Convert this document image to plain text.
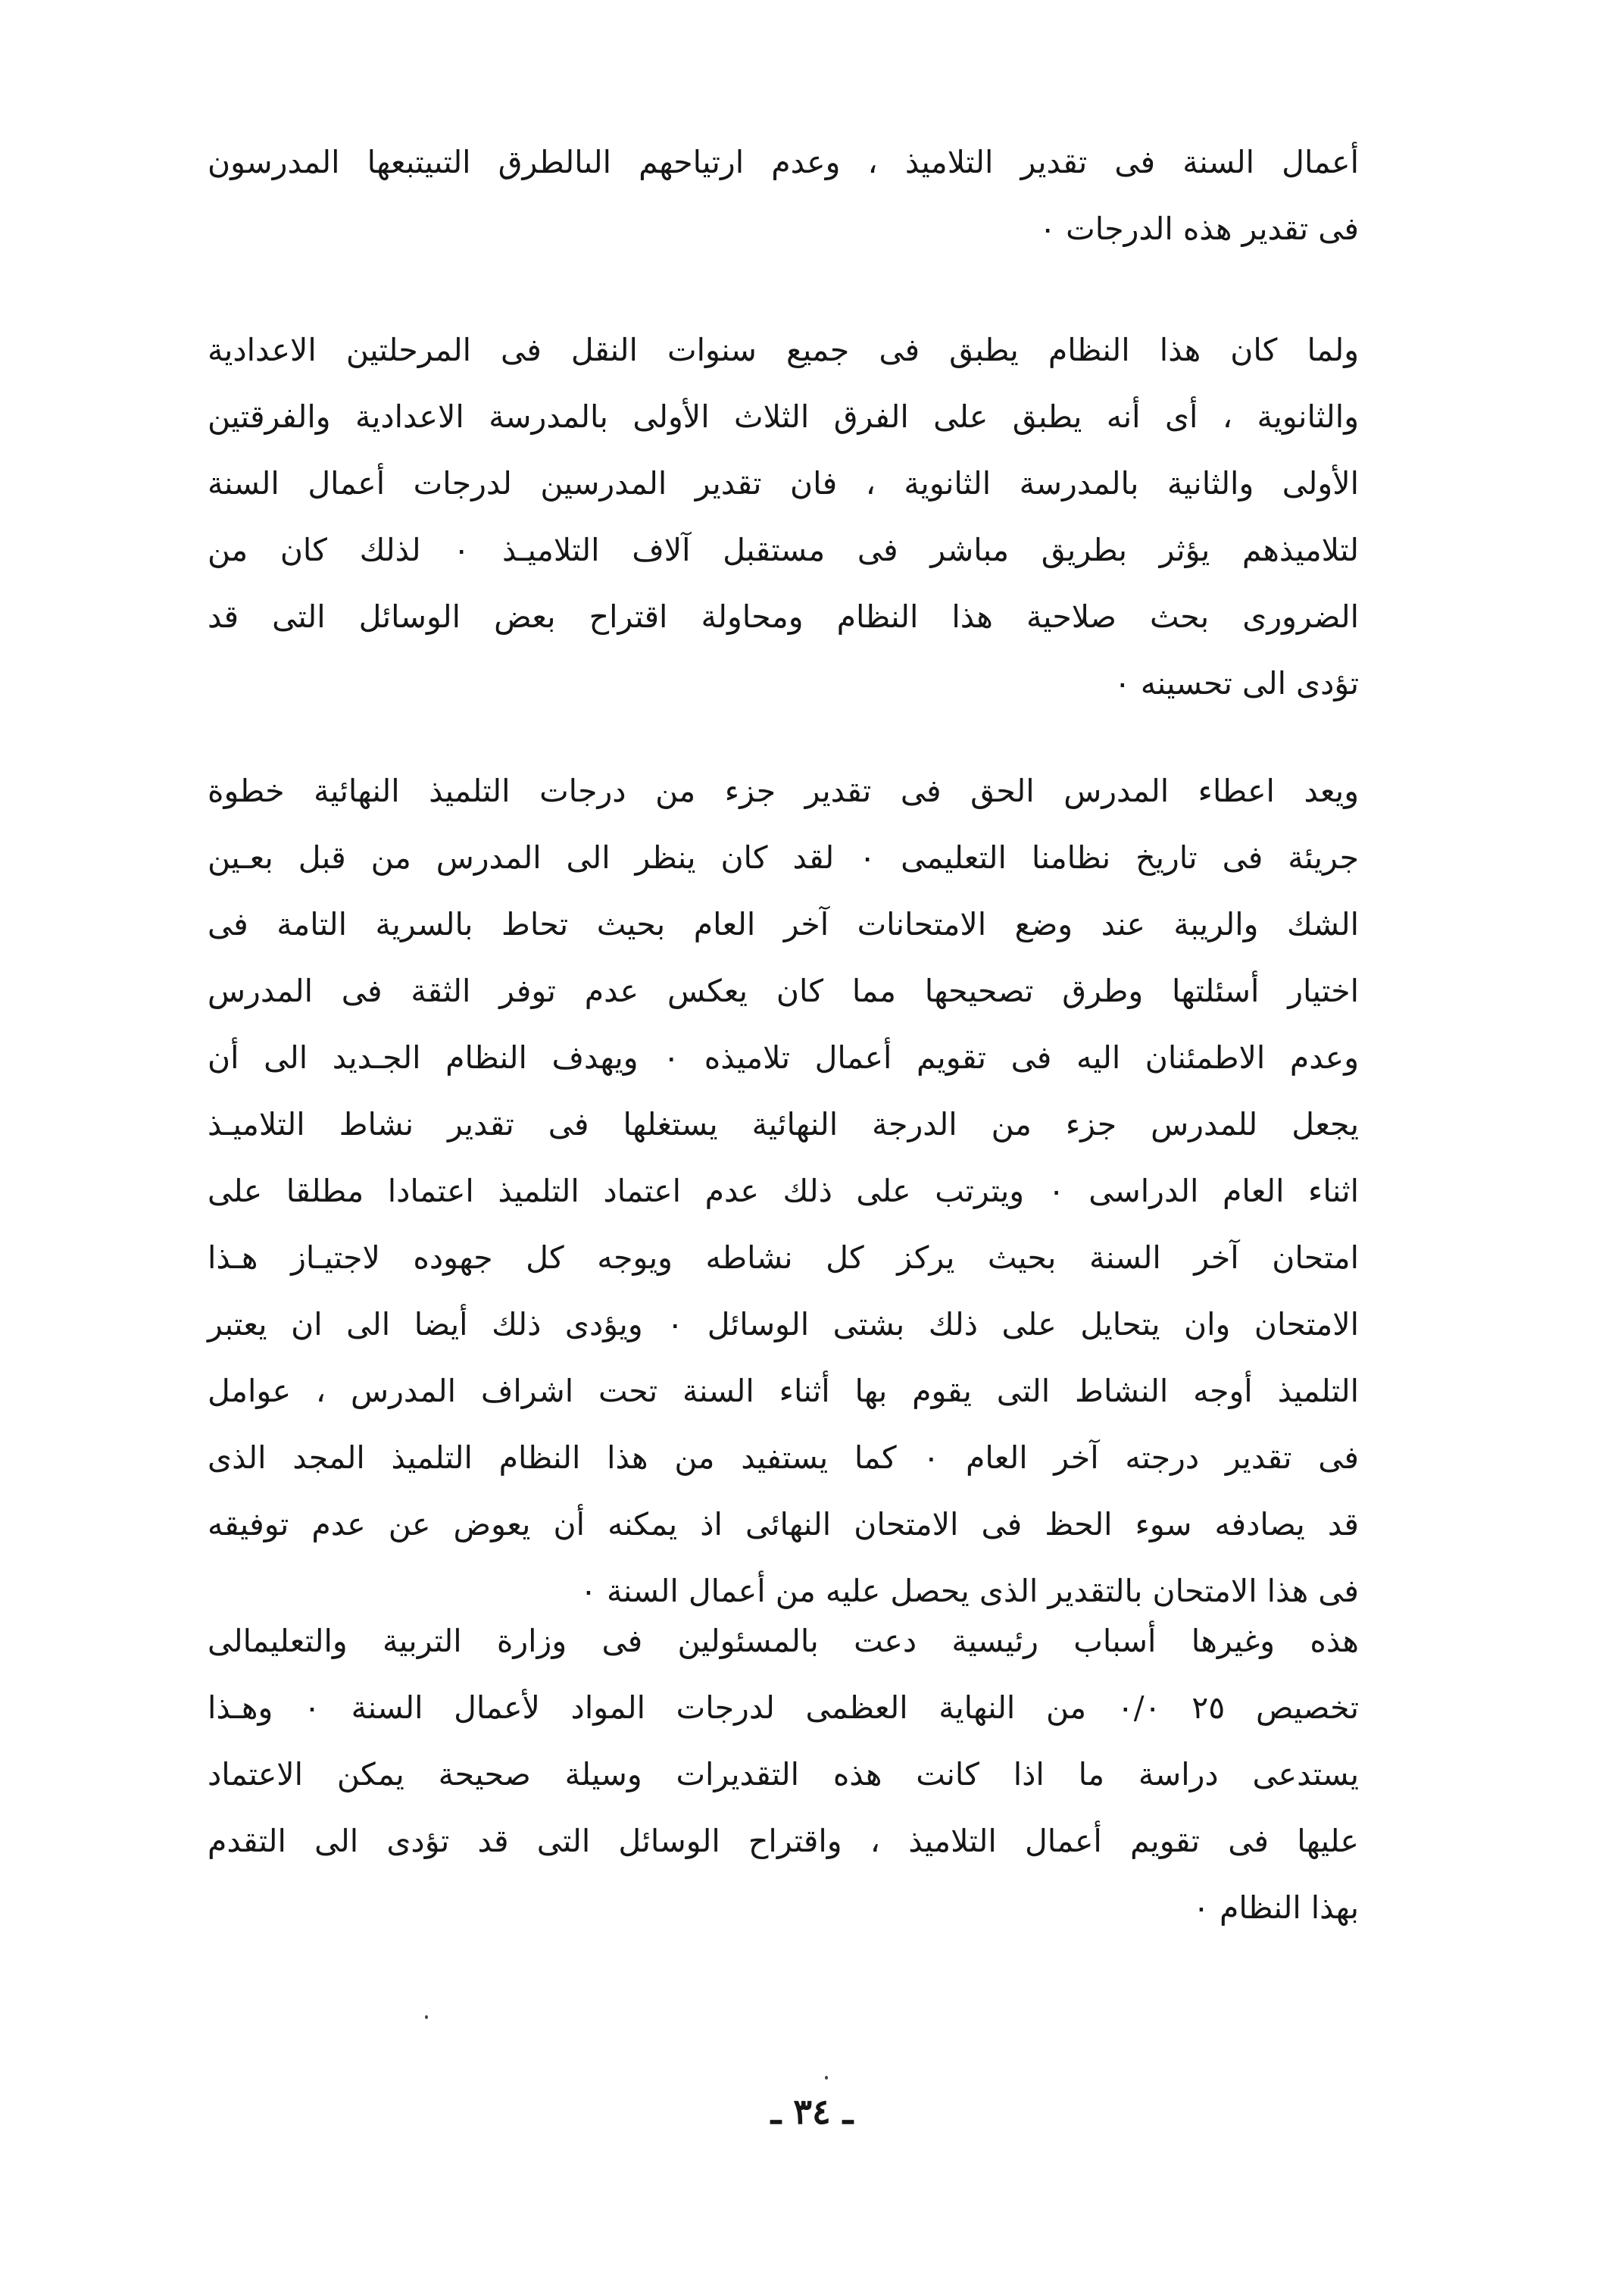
أعمال السنة فى تقدير التلاميذ ، وعدم ارتياحهم الىالطرق التىيتبعها المدرسون
فى تقدير هذه الدرجات ٠
ولما كان هذا النظام يطبق فى جميع سنوات النقل فى المرحلتين الاعدادية
والثانوية ، أى أنه يطبق على الفرق الثلاث الأولى بالمدرسة الاعدادية والفرقتين
الأولى والثانية بالمدرسة الثانوية ، فان تقدير المدرسين لدرجات أعمال السنة
لتلاميذهم يؤثر بطريق مباشر فى مستقبل آلاف التلاميـذ ٠ لذلك كان من
الضرورى بحث صلاحية هذا النظام ومحاولة اقتراح بعض الوسائل التى قد
تؤدى الى تحسينه ٠
ويعد اعطاء المدرس الحق فى تقدير جزء من درجات التلميذ النهائية خطوة
جريئة فى تاريخ نظامنا التعليمى ٠ لقد كان ينظر الى المدرس من قبل بعـين
الشك والريبة عند وضع الامتحانات آخر العام بحيث تحاط بالسرية التامة فى
اختيار أسئلتها وطرق تصحيحها مما كان يعكس عدم توفر الثقة فى المدرس
وعدم الاطمئنان اليه فى تقويم أعمال تلاميذه ٠ ويهدف النظام الجـديد الى أن
يجعل للمدرس جزء من الدرجة النهائية يستغلها فى تقدير نشاط التلاميـذ
اثناء العام الدراسى ٠ ويترتب على ذلك عدم اعتماد التلميذ اعتمادا مطلقا على
امتحان آخر السنة بحيث يركز كل نشاطه ويوجه كل جهوده لاجتيـاز هـذا
الامتحان وان يتحايل على ذلك بشتى الوسائل ٠ ويؤدى ذلك أيضا الى ان يعتبر
التلميذ أوجه النشاط التى يقوم بها أثناء السنة تحت اشراف المدرس ، عوامل
فى تقدير درجته آخر العام ٠ كما يستفيد من هذا النظام التلميذ المجد الذى
قد يصادفه سوء الحظ فى الامتحان النهائى اذ يمكنه أن يعوض عن عدم توفيقه
فى هذا الامتحان بالتقدير الذى يحصل عليه من أعمال السنة ٠
هذه وغيرها أسباب رئيسية دعت بالمسئولين فى وزارة التربية والتعليمالى
تخصيص ٢٥ ٠/٠ من النهاية العظمى لدرجات المواد لأعمال السنة ٠ وهـذا
يستدعى دراسة ما اذا كانت هذه التقديرات وسيلة صحيحة يمكن الاعتماد
عليها فى تقويم أعمال التلاميذ ، واقتراح الوسائل التى قد تؤدى الى التقدم
بهذا النظام ٠
ـ ٣٤ ـ
